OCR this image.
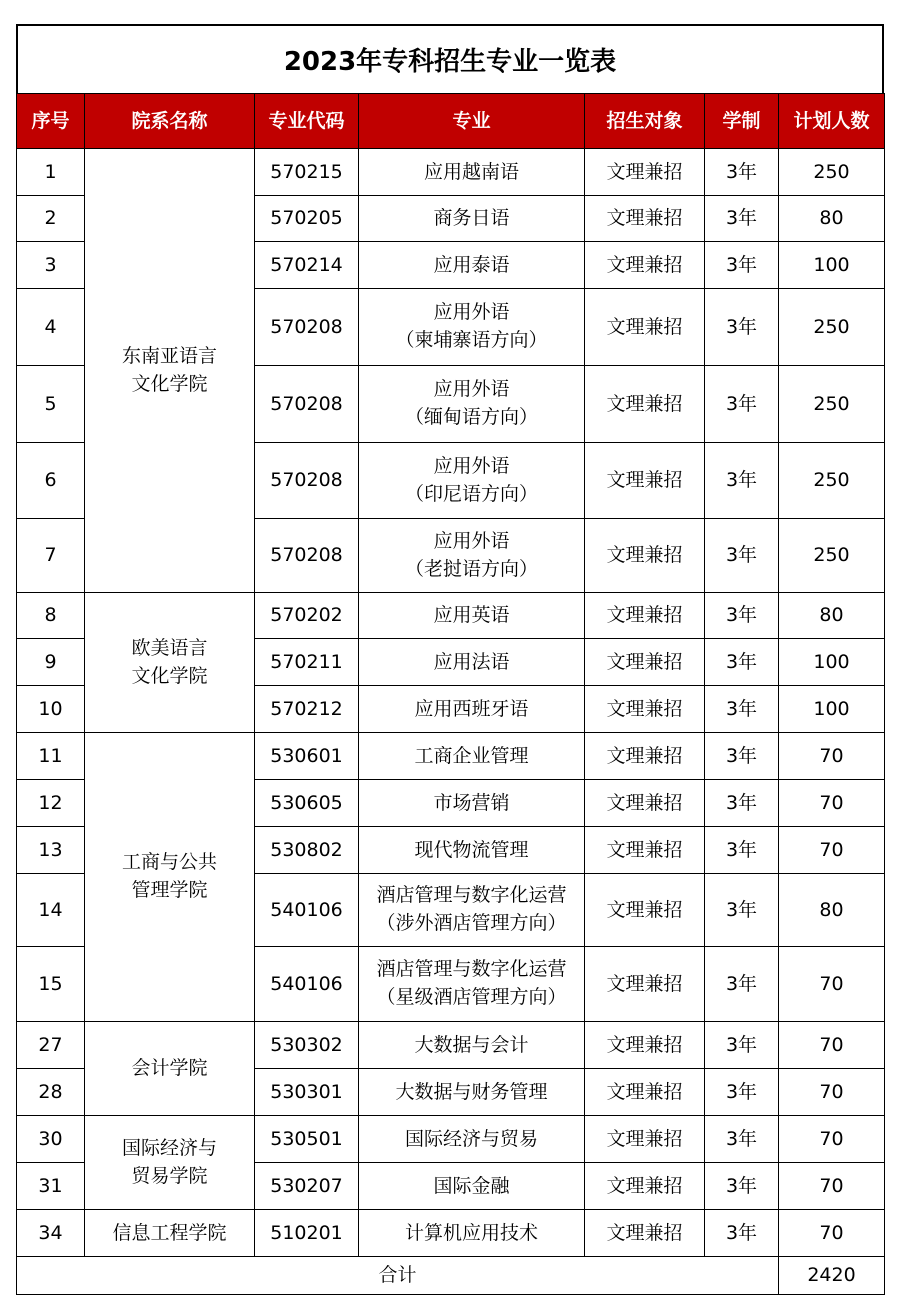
2023年专科招生专业一览表
序号	院系名称	专业代码	专业	招生对象	学制	计划人数
1	东南亚语言
文化学院	570215	应用越南语	文理兼招	3年	250
2		570205	商务日语	文理兼招	3年	80
3		570214	应用泰语	文理兼招	3年	100
4		570208	应用外语
（柬埔寨语方向）	文理兼招	3年	250
5		570208	应用外语
（缅甸语方向）	文理兼招	3年	250
6		570208	应用外语
（印尼语方向）	文理兼招	3年	250
7		570208	应用外语
（老挝语方向）	文理兼招	3年	250
8	欧美语言
文化学院	570202	应用英语	文理兼招	3年	80
9		570211	应用法语	文理兼招	3年	100
10		570212	应用西班牙语	文理兼招	3年	100
11	工商与公共
管理学院	530601	工商企业管理	文理兼招	3年	70
12		530605	市场营销	文理兼招	3年	70
13		530802	现代物流管理	文理兼招	3年	70
14		540106	酒店管理与数字化运营
（涉外酒店管理方向）	文理兼招	3年	80
15		540106	酒店管理与数字化运营
（星级酒店管理方向）	文理兼招	3年	70
27	会计学院	530302	大数据与会计	文理兼招	3年	70
28		530301	大数据与财务管理	文理兼招	3年	70
30	国际经济与
贸易学院	530501	国际经济与贸易	文理兼招	3年	70
31		530207	国际金融	文理兼招	3年	70
34	信息工程学院	510201	计算机应用技术	文理兼招	3年	70
合计						2420
